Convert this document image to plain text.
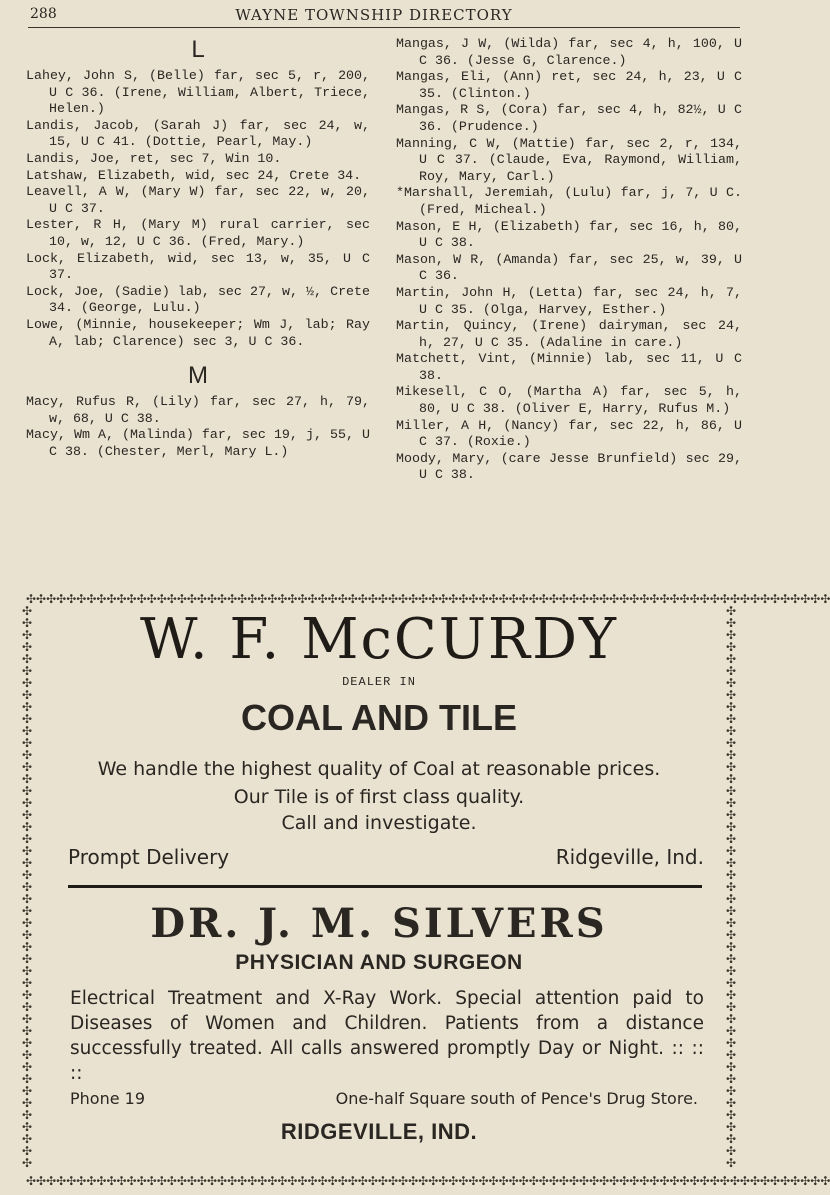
288	WAYNE TOWNSHIP DIRECTORY
L

Lahey, John S, (Belle) far, sec 5, r, 200, U C 36. (Irene, William, Albert, Triece, Helen.)

Landis, Jacob, (Sarah J) far, sec 24, w, 15, U C 41. (Dottie, Pearl, May.)

Landis, Joe, ret, sec 7, Win 10.

Latshaw, Elizabeth, wid, sec 24, Crete 34.

Leavell, A W, (Mary W) far, sec 22, w, 20, U C 37.

Lester, R H, (Mary M) rural carrier, sec 10, w, 12, U C 36. (Fred, Mary.)

Lock, Elizabeth, wid, sec 13, w, 35, U C 37.

Lock, Joe, (Sadie) lab, sec 27, w, ½, Crete 34. (George, Lulu.)

Lowe, (Minnie, housekeeper; Wm J, lab; Ray A, lab; Clarence) sec 3, U C 36.

M

Macy, Rufus R, (Lily) far, sec 27, h, 79, w, 68, U C 38.

Macy, Wm A, (Malinda) far, sec 19, j, 55, U C 38. (Chester, Merl, Mary L.)

Mangas, J W, (Wilda) far, sec 4, h, 100, U C 36. (Jesse G, Clarence.)

Mangas, Eli, (Ann) ret, sec 24, h, 23, U C 35. (Clinton.)

Mangas, R S, (Cora) far, sec 4, h, 82½, U C 36. (Prudence.)

Manning, C W, (Mattie) far, sec 2, r, 134, U C 37. (Claude, Eva, Raymond, William, Roy, Mary, Carl.)

*Marshall, Jeremiah, (Lulu) far, j, 7, U C. (Fred, Micheal.)

Mason, E H, (Elizabeth) far, sec 16, h, 80, U C 38.

Mason, W R, (Amanda) far, sec 25, w, 39, U C 36.

Martin, John H, (Letta) far, sec 24, h, 7, U C 35. (Olga, Harvey, Esther.)

Martin, Quincy, (Irene) dairyman, sec 24, h, 27, U C 35. (Adaline in care.)

Matchett, Vint, (Minnie) lab, sec 11, U C 38.

Mikesell, C O, (Martha A) far, sec 5, h, 80, U C 38. (Oliver E, Harry, Rufus M.)

Miller, A H, (Nancy) far, sec 22, h, 86, U C 37. (Roxie.)

Moody, Mary, (care Jesse Brunfield) sec 29, U C 38.

✣✣✣✣✣✣✣✣✣✣✣✣✣✣✣✣✣✣✣✣✣✣✣✣✣✣✣✣✣✣✣✣✣✣✣✣✣✣✣✣✣✣✣✣✣✣✣✣✣✣✣✣✣✣✣✣✣✣✣✣✣✣✣✣✣✣✣✣✣✣✣✣✣✣✣✣✣✣✣✣
✣✣✣✣✣✣✣✣✣✣✣✣✣✣✣✣✣✣✣✣✣✣✣✣✣✣✣✣✣✣✣✣✣✣✣✣✣✣✣✣✣✣✣✣✣✣✣
✣✣✣✣✣✣✣✣✣✣✣✣✣✣✣✣✣✣✣✣✣✣✣✣✣✣✣✣✣✣✣✣✣✣✣✣✣✣✣✣✣✣✣✣✣✣✣
✣✣✣✣✣✣✣✣✣✣✣✣✣✣✣✣✣✣✣✣✣✣✣✣✣✣✣✣✣✣✣✣✣✣✣✣✣✣✣✣✣✣✣✣✣✣✣✣✣✣✣✣✣✣✣✣✣✣✣✣✣✣✣✣✣✣✣✣✣✣✣✣✣✣✣✣✣✣✣✣
W. F. McCURDY
DEALER IN
COAL AND TILE
We handle the highest quality of Coal at reasonable prices.
Our Tile is of first class quality.
Call and investigate.
Prompt Delivery	Ridgeville, Ind.
DR. J. M. SILVERS
PHYSICIAN AND SURGEON
Electrical Treatment and X-Ray Work. Special attention paid to Diseases of Women and Children. Patients from a distance successfully treated. All calls answered promptly Day or Night. :: :: ::
Phone 19	One-half Square south of Pence's Drug Store.
RIDGEVILLE, IND.
